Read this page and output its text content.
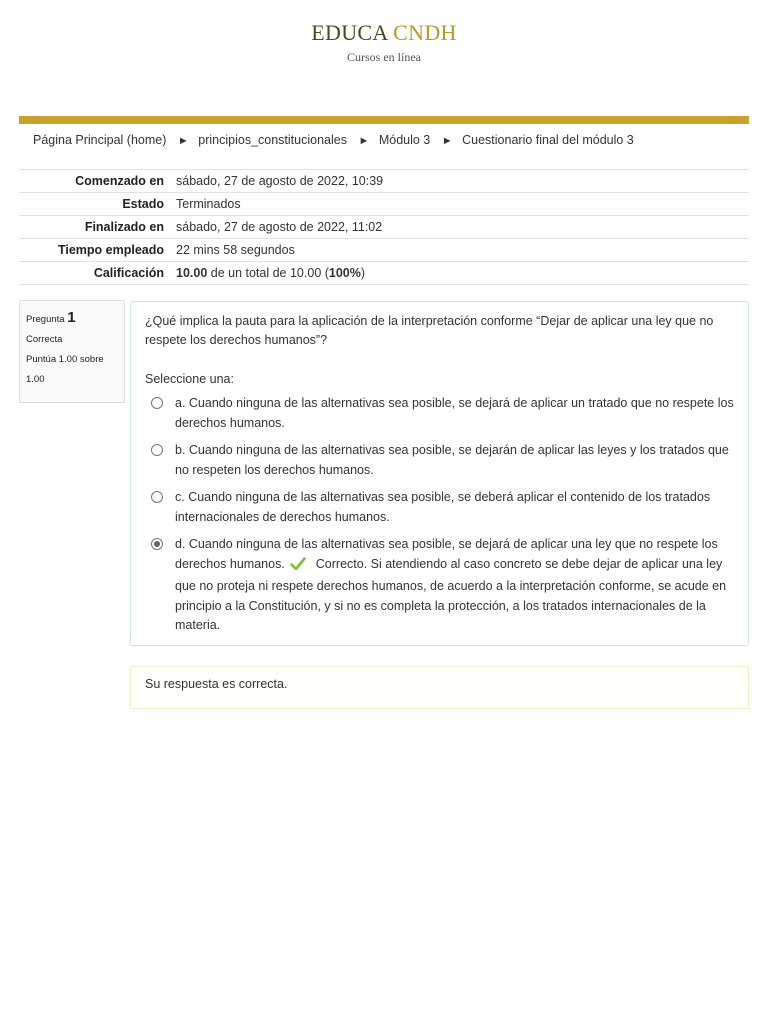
EDUCA CNDH
Cursos en línea
Página Principal (home) ► principios_constitucionales ► Módulo 3 ► Cuestionario final del módulo 3
Comenzado en	sábado, 27 de agosto de 2022, 10:39
Estado	Terminados
Finalizado en	sábado, 27 de agosto de 2022, 11:02
Tiempo empleado	22 mins 58 segundos
Calificación	10.00 de un total de 10.00 (100%)
Pregunta 1
Correcta
Puntúa 1.00 sobre 1.00

¿Qué implica la pauta para la aplicación de la interpretación conforme “Dejar de aplicar una ley que no respete los derechos humanos”?

Seleccione una:
a. Cuando ninguna de las alternativas sea posible, se dejará de aplicar un tratado que no respete los derechos humanos.
b. Cuando ninguna de las alternativas sea posible, se dejarán de aplicar las leyes y los tratados que no respeten los derechos humanos.
c. Cuando ninguna de las alternativas sea posible, se deberá aplicar el contenido de los tratados internacionales de derechos humanos.
d. Cuando ninguna de las alternativas sea posible, se dejará de aplicar una ley que no respete los derechos humanos. Correcto. Si atendiendo al caso concreto se debe dejar de aplicar una ley que no proteja ni respete derechos humanos, de acuerdo a la interpretación conforme, se acude en principio a la Constitución, y si no es completa la protección, a los tratados internacionales de la materia.
Su respuesta es correcta.
